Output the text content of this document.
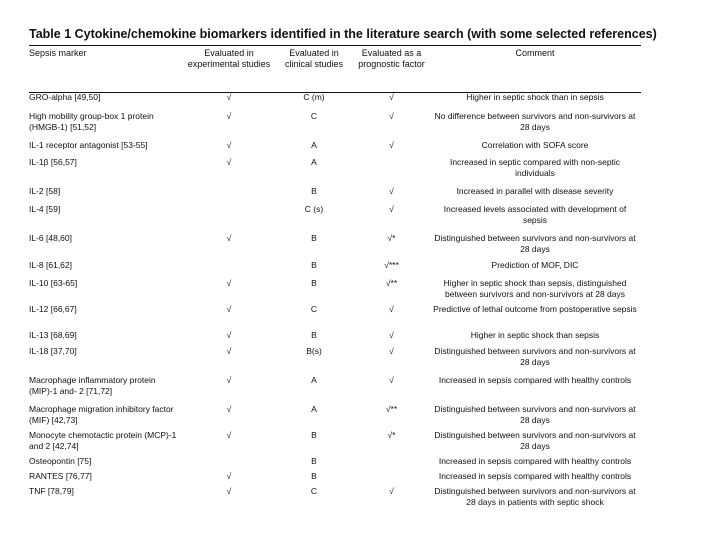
Table 1 Cytokine/chemokine biomarkers identified in the literature search (with some selected references)
Sepsis marker	Evaluated in experimental studies	Evaluated in clinical studies	Evaluated as a prognostic factor	Comment
GRO-alpha [49,50]	√	C (m)	√	Higher in septic shock than in sepsis
High mobility group-box 1 protein (HMGB-1) [51,52]	√	C	√	No difference between survivors and non-survivors at 28 days
IL-1 receptor antagonist [53-55]	√	A	√	Correlation with SOFA score
IL-1β [56,57]	√	A		Increased in septic compared with non-septic individuals
IL-2 [58]		B	√	Increased in parallel with disease severity
IL-4 [59]		C (s)	√	Increased levels associated with development of sepsis
IL-6 [48,60]	√	B	√*	Distinguished between survivors and non-survivors at 28 days
IL-8 [61,62]		B	√***	Prediction of MOF, DIC
IL-10 [63-65]	√	B	√**	Higher in septic shock than sepsis, distinguished between survivors and non-survivors at 28 days
IL-12 [66,67]	√	C	√	Predictive of lethal outcome from postoperative sepsis
IL-13 [68,69]	√	B	√	Higher in septic shock than sepsis
IL-18 [37,70]	√	B(s)	√	Distinguished between survivors and non-survivors at 28 days
Macrophage inflammatory protein (MIP)-1 and- 2 [71,72]	√	A	√	Increased in sepsis compared with healthy controls
Macrophage migration inhibitory factor (MIF) [42,73]	√	A	√**	Distinguished between survivors and non-survivors at 28 days
Monocyte chemotactic protein (MCP)-1 and 2 [42,74]	√	B	√*	Distinguished between survivors and non-survivors at 28 days
Osteopontin [75]		B		Increased in sepsis compared with healthy controls
RANTES [76,77]	√	B		Increased in sepsis compared with healthy controls
TNF [78,79]	√	C	√	Distinguished between survivors and non-survivors at 28 days in patients with septic shock
